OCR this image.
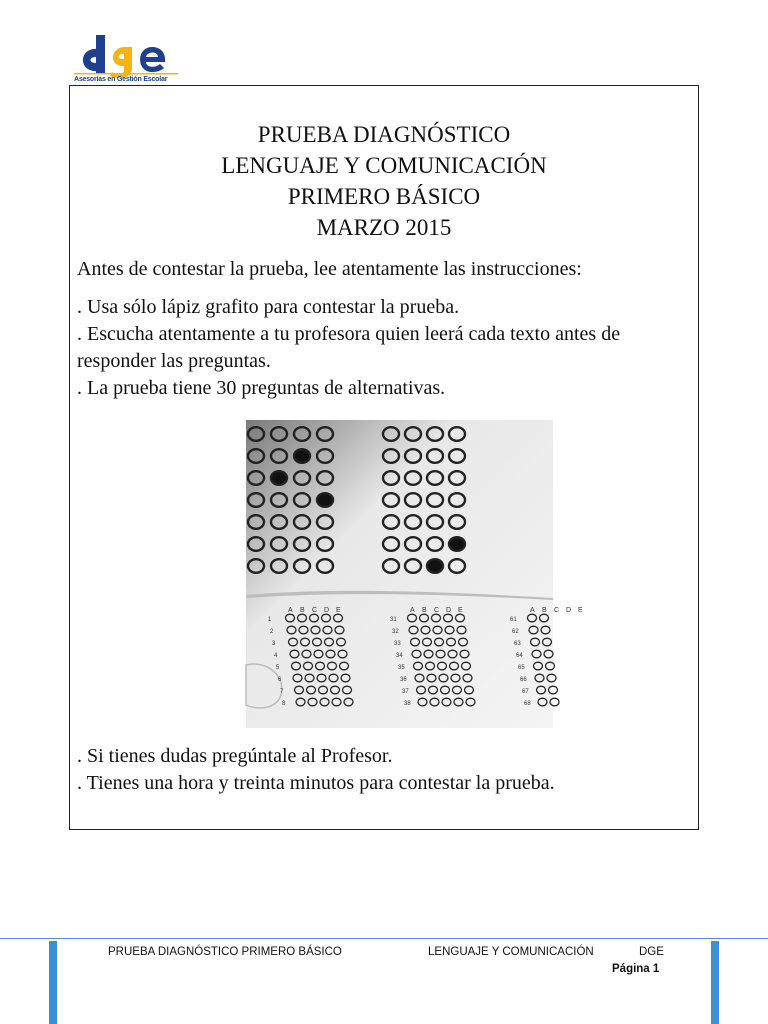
Asesorías en Gestión Escolar
PRUEBA DIAGNÓSTICO
LENGUAJE Y COMUNICACIÓN
PRIMERO BÁSICO
MARZO 2015
Antes de contestar la prueba, lee atentamente las instrucciones:
. Usa sólo lápiz grafito para contestar la prueba.
. Escucha atentamente a tu profesora quien leerá cada texto antes de responder las preguntas.
. La prueba tiene 30 preguntas de alternativas.
A B C D E
1
2
3
4
5
6
7
8
A B C D E
31
32
33
34
35
36
37
38
A B C D E
61
62
63
64
65
66
67
68
. Si tienes dudas pregúntale al Profesor.
. Tienes una hora y treinta minutos para contestar la prueba.
PRUEBA DIAGNÓSTICO PRIMERO BÁSICO	LENGUAJE Y COMUNICACIÓN	DGE
Página 1
